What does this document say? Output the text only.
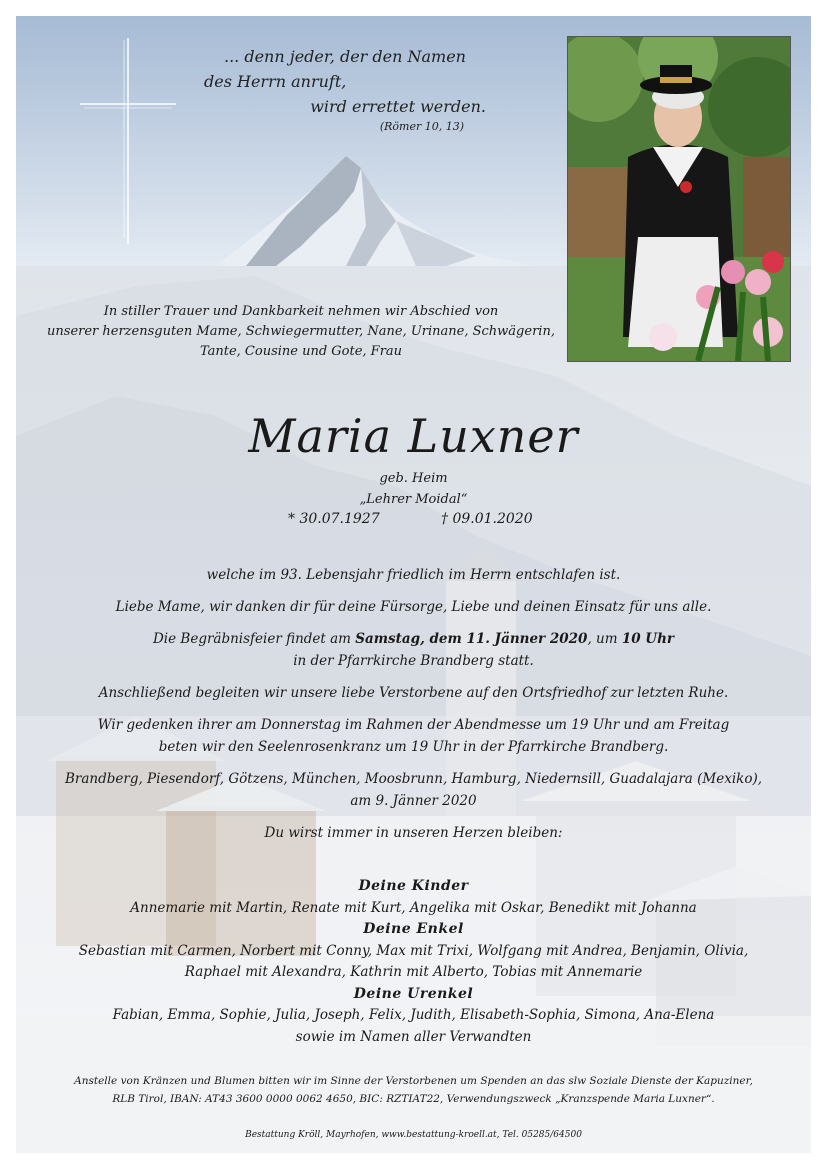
... denn jeder, der den Namen
des Herrn anruft,
wird errettet werden.
(Römer 10, 13)
In stiller Trauer und Dankbarkeit nehmen wir Abschied von
unserer herzensguten Mame, Schwiegermutter, Nane, Urinane, Schwägerin,
Tante, Cousine und Gote, Frau
Maria Luxner
geb. Heim
„Lehrer Moidal“
* 30.07.1927	† 09.01.2020

welche im 93. Lebensjahr friedlich im Herrn entschlafen ist.

Liebe Mame, wir danken dir für deine Fürsorge, Liebe und deinen Einsatz für uns alle.

Die Begräbnisfeier findet am Samstag, dem 11. Jänner 2020, um 10 Uhr
in der Pfarrkirche Brandberg statt.

Anschließend begleiten wir unsere liebe Verstorbene auf den Ortsfriedhof zur letzten Ruhe.

Wir gedenken ihrer am Donnerstag im Rahmen der Abendmesse um 19 Uhr und am Freitag
beten wir den Seelenrosenkranz um 19 Uhr in der Pfarrkirche Brandberg.

Brandberg, Piesendorf, Götzens, München, Moosbrunn, Hamburg, Niedernsill, Guadalajara (Mexiko),
am 9. Jänner 2020

Du wirst immer in unseren Herzen bleiben:

Deine Kinder
Annemarie mit Martin, Renate mit Kurt, Angelika mit Oskar, Benedikt mit Johanna
Deine Enkel
Sebastian mit Carmen, Norbert mit Conny, Max mit Trixi, Wolfgang mit Andrea, Benjamin, Olivia,
Raphael mit Alexandra, Kathrin mit Alberto, Tobias mit Annemarie
Deine Urenkel
Fabian, Emma, Sophie, Julia, Joseph, Felix, Judith, Elisabeth-Sophia, Simona, Ana-Elena
sowie im Namen aller Verwandten
Anstelle von Kränzen und Blumen bitten wir im Sinne der Verstorbenen um Spenden an das slw Soziale Dienste der Kapuziner,
RLB Tirol, IBAN: AT43 3600 0000 0062 4650, BIC: RZTIAT22, Verwendungszweck „Kranzspende Maria Luxner“.
Bestattung Kröll, Mayrhofen, www.bestattung-kroell.at, Tel. 05285/64500
